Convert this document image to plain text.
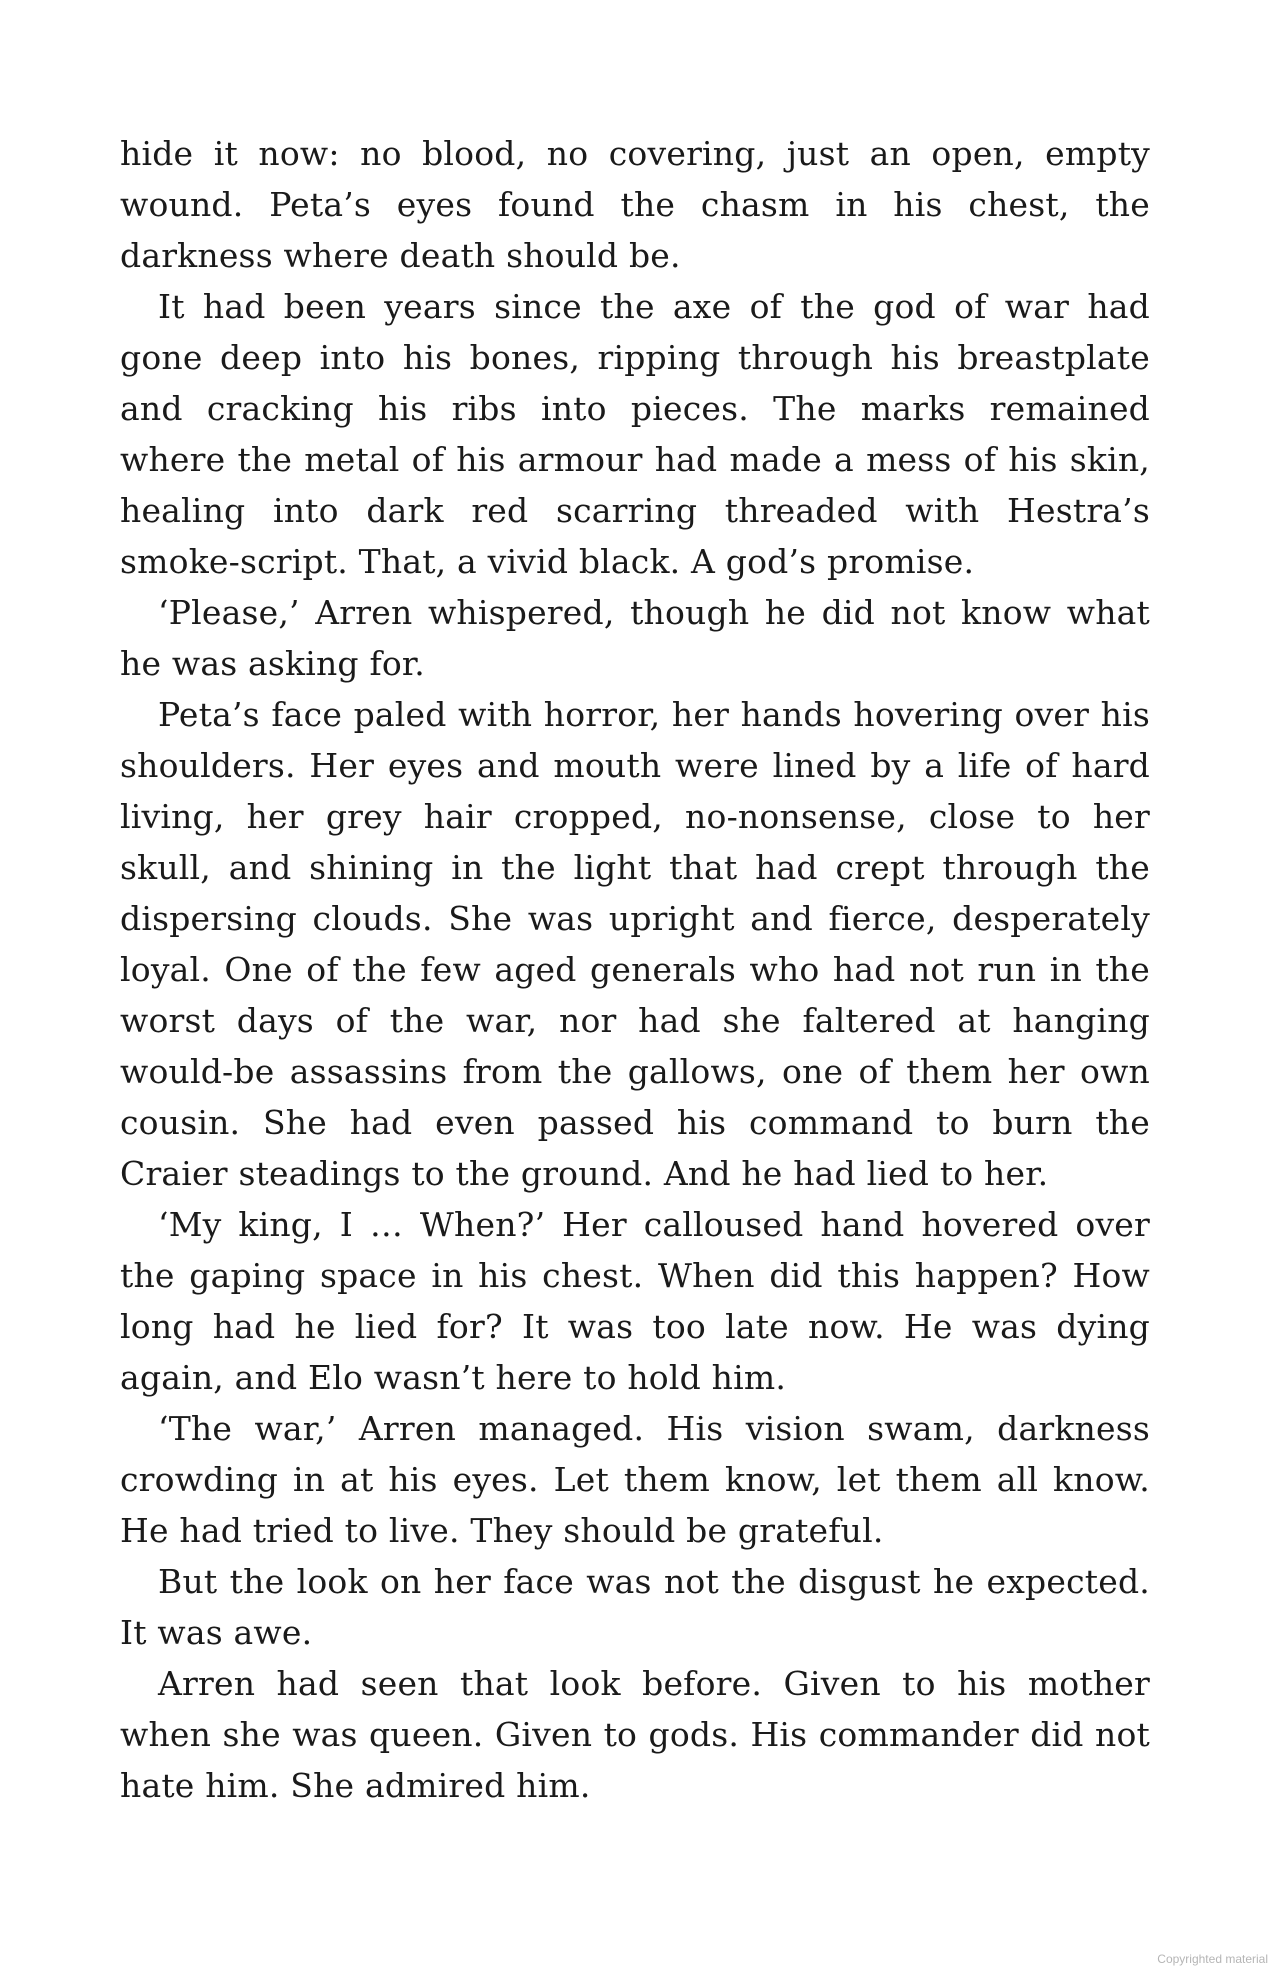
hide it now: no blood, no covering, just an open, empty wound. Peta’s eyes found the chasm in his chest, the darkness where death should be.

It had been years since the axe of the god of war had gone deep into his bones, ripping through his breastplate and cracking his ribs into pieces. The marks remained where the metal of his armour had made a mess of his skin, healing into dark red scarring threaded with Hestra’s smoke-script. That, a vivid black. A god’s promise.

‘Please,’ Arren whispered, though he did not know what he was asking for.

Peta’s face paled with horror, her hands hovering over his shoulders. Her eyes and mouth were lined by a life of hard living, her grey hair cropped, no-nonsense, close to her skull, and shining in the light that had crept through the dispersing clouds. She was upright and fierce, desperately loyal. One of the few aged generals who had not run in the worst days of the war, nor had she faltered at hanging would-be assassins from the gallows, one of them her own cousin. She had even passed his command to burn the Craier steadings to the ground. And he had lied to her.

‘My king, I … When?’ Her calloused hand hovered over the gaping space in his chest. When did this happen? How long had he lied for? It was too late now. He was dying again, and Elo wasn’t here to hold him.

‘The war,’ Arren managed. His vision swam, darkness crowding in at his eyes. Let them know, let them all know. He had tried to live. They should be grateful.

But the look on her face was not the disgust he expected. It was awe.

Arren had seen that look before. Given to his mother when she was queen. Given to gods. His commander did not hate him. She admired him.

Copyrighted material
